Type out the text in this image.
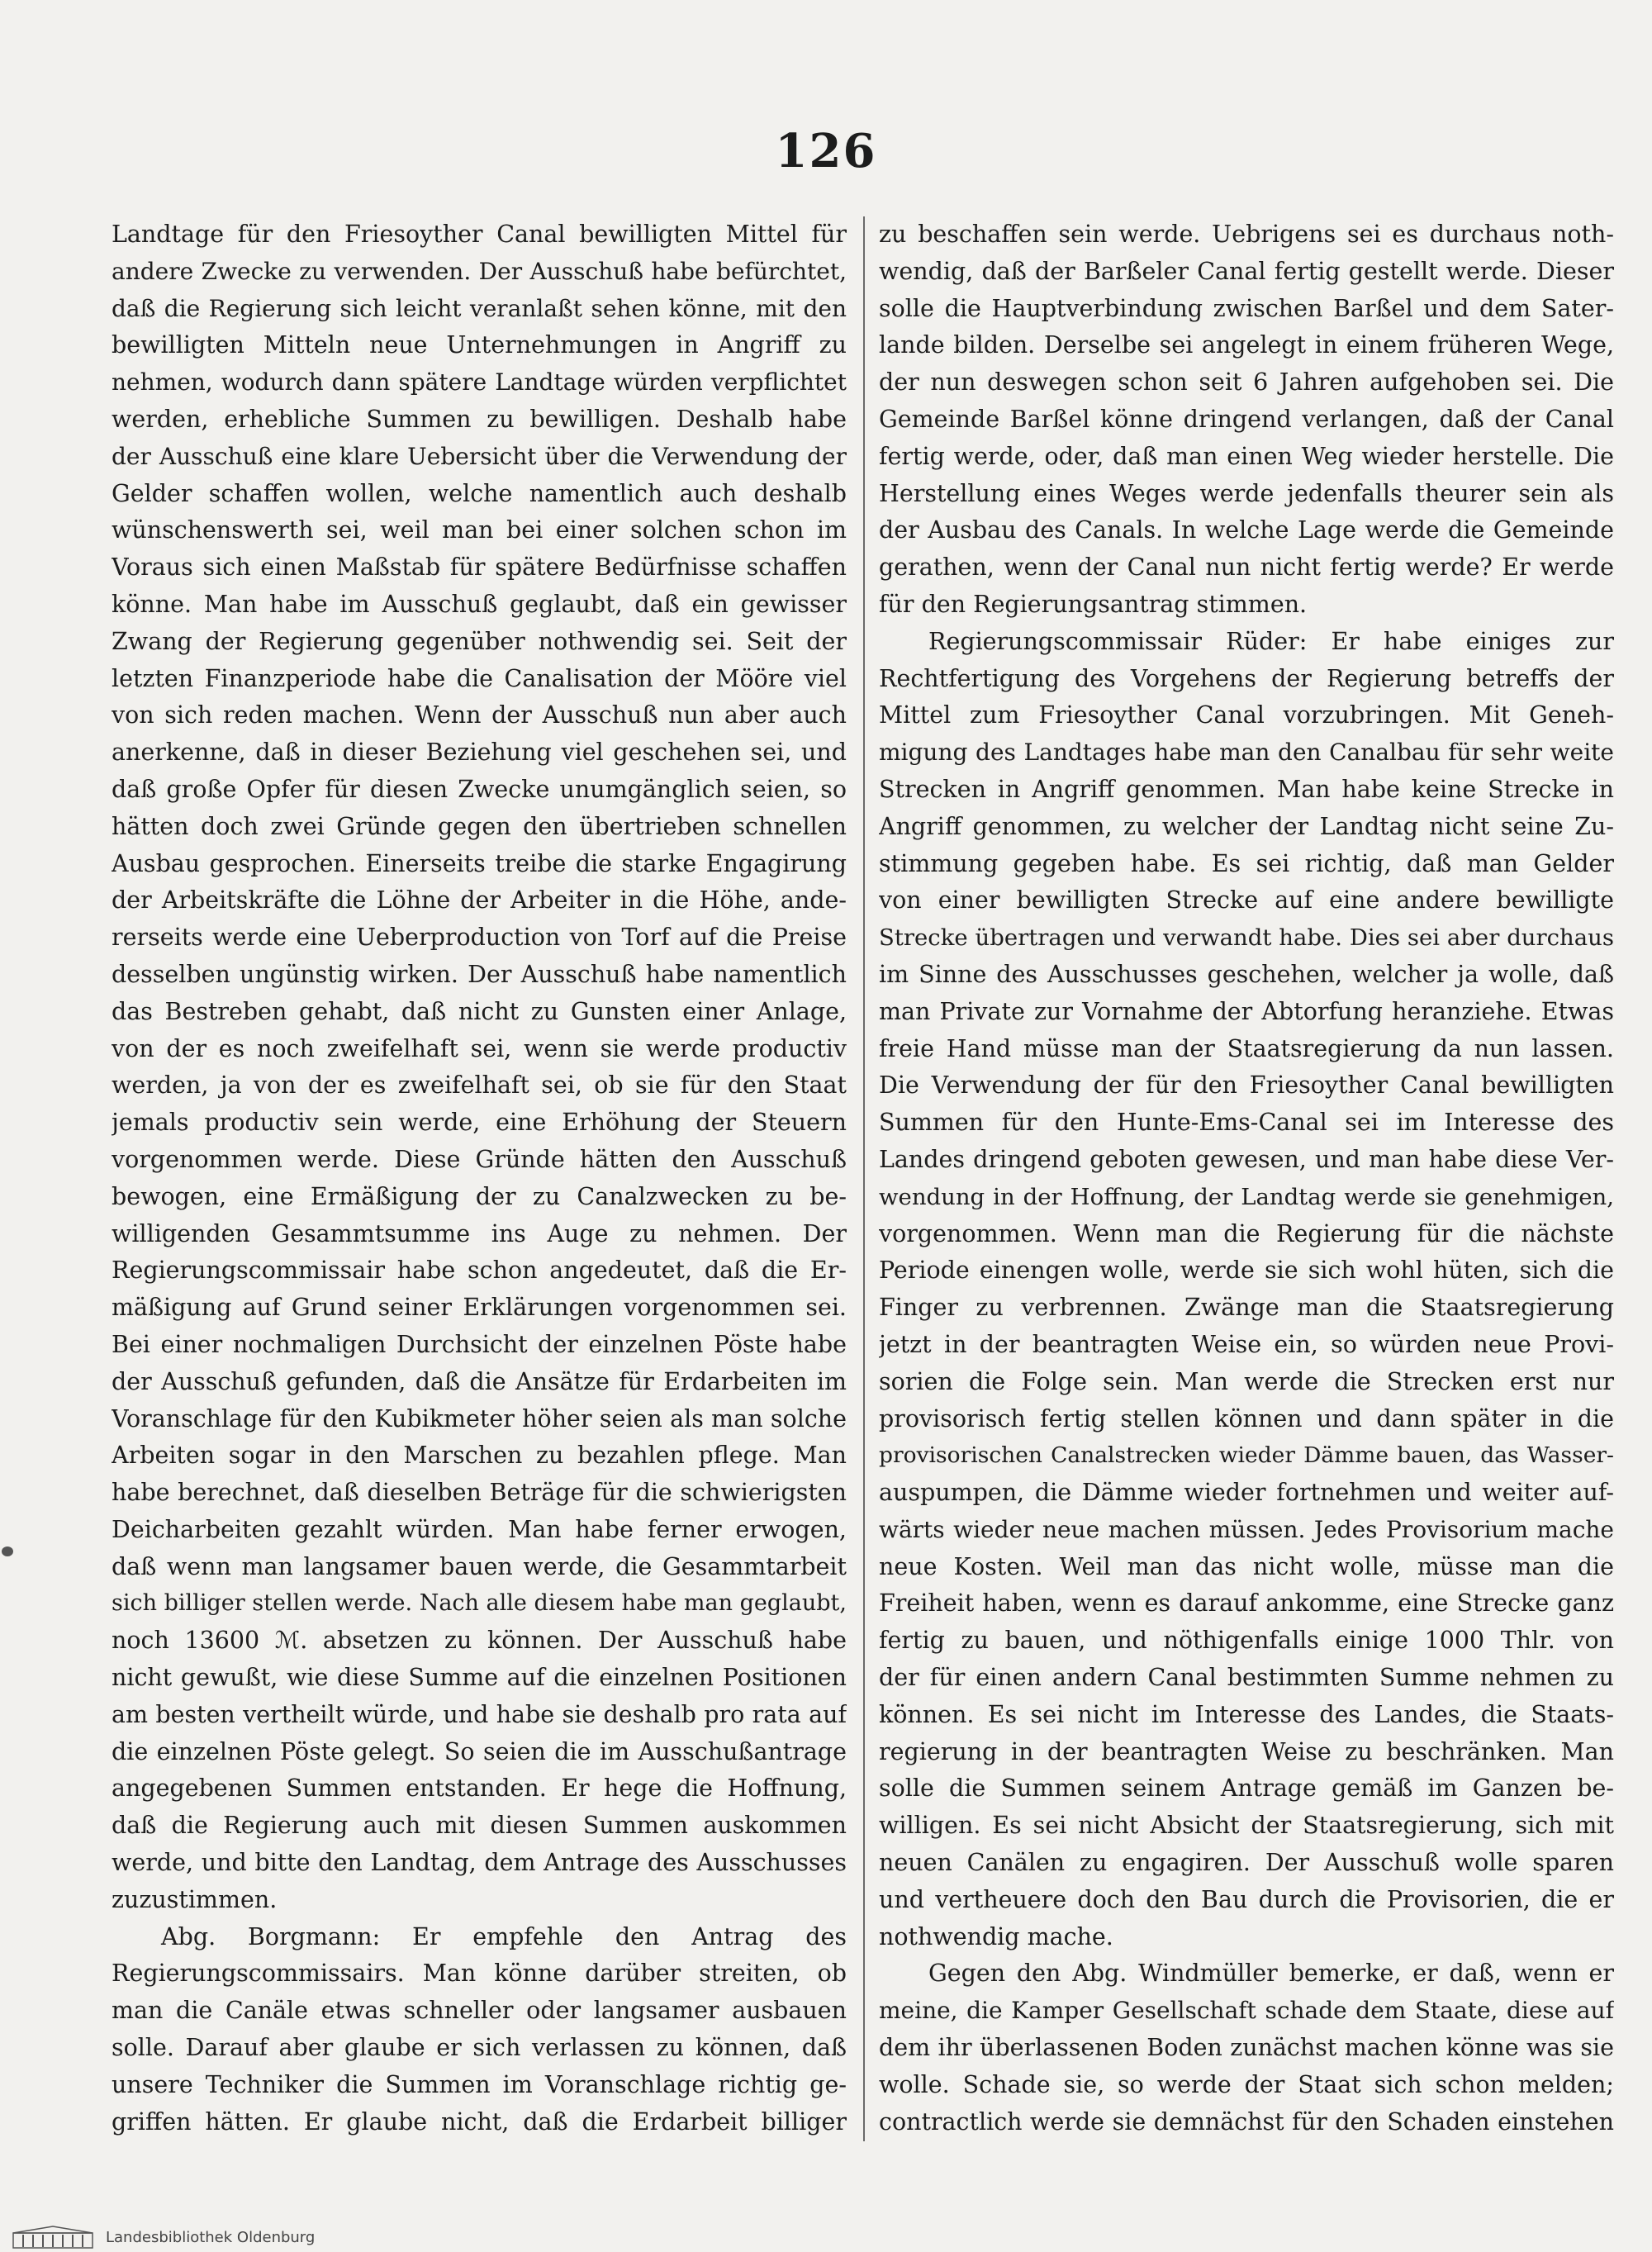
126
Landtage für den Friesoyther Canal bewilligten Mittel für
andere Zwecke zu verwenden. Der Ausschuß habe befürchtet,
daß die Regierung sich leicht veranlaßt sehen könne, mit den
bewilligten Mitteln neue Unternehmungen in Angriff zu
nehmen, wodurch dann spätere Landtage würden verpflichtet
werden, erhebliche Summen zu bewilligen. Deshalb habe
der Ausschuß eine klare Uebersicht über die Verwendung der
Gelder schaffen wollen, welche namentlich auch deshalb
wünschenswerth sei, weil man bei einer solchen schon im
Voraus sich einen Maßstab für spätere Bedürfnisse schaffen
könne. Man habe im Ausschuß geglaubt, daß ein gewisser
Zwang der Regierung gegenüber nothwendig sei. Seit der
letzten Finanzperiode habe die Canalisation der Mööre viel
von sich reden machen. Wenn der Ausschuß nun aber auch
anerkenne, daß in dieser Beziehung viel geschehen sei, und
daß große Opfer für diesen Zwecke unumgänglich seien, so
hätten doch zwei Gründe gegen den übertrieben schnellen
Ausbau gesprochen. Einerseits treibe die starke Engagirung
der Arbeitskräfte die Löhne der Arbeiter in die Höhe, ande-
rerseits werde eine Ueberproduction von Torf auf die Preise
desselben ungünstig wirken. Der Ausschuß habe namentlich
das Bestreben gehabt, daß nicht zu Gunsten einer Anlage,
von der es noch zweifelhaft sei, wenn sie werde productiv
werden, ja von der es zweifelhaft sei, ob sie für den Staat
jemals productiv sein werde, eine Erhöhung der Steuern
vorgenommen werde. Diese Gründe hätten den Ausschuß
bewogen, eine Ermäßigung der zu Canalzwecken zu be-
willigenden Gesammtsumme ins Auge zu nehmen. Der
Regierungscommissair habe schon angedeutet, daß die Er-
mäßigung auf Grund seiner Erklärungen vorgenommen sei.
Bei einer nochmaligen Durchsicht der einzelnen Pöste habe
der Ausschuß gefunden, daß die Ansätze für Erdarbeiten im
Voranschlage für den Kubikmeter höher seien als man solche
Arbeiten sogar in den Marschen zu bezahlen pflege. Man
habe berechnet, daß dieselben Beträge für die schwierigsten
Deicharbeiten gezahlt würden. Man habe ferner erwogen,
daß wenn man langsamer bauen werde, die Gesammtarbeit
sich billiger stellen werde. Nach alle diesem habe man geglaubt,
noch 13600 ℳ. absetzen zu können. Der Ausschuß habe
nicht gewußt, wie diese Summe auf die einzelnen Positionen
am besten vertheilt würde, und habe sie deshalb pro rata auf
die einzelnen Pöste gelegt. So seien die im Ausschußantrage
angegebenen Summen entstanden. Er hege die Hoffnung,
daß die Regierung auch mit diesen Summen auskommen
werde, und bitte den Landtag, dem Antrage des Ausschusses
zuzustimmen.
Abg. Borgmann: Er empfehle den Antrag des
Regierungscommissairs. Man könne darüber streiten, ob
man die Canäle etwas schneller oder langsamer ausbauen
solle. Darauf aber glaube er sich verlassen zu können, daß
unsere Techniker die Summen im Voranschlage richtig ge-
griffen hätten. Er glaube nicht, daß die Erdarbeit billiger
zu beschaffen sein werde. Uebrigens sei es durchaus noth-
wendig, daß der Barßeler Canal fertig gestellt werde. Dieser
solle die Hauptverbindung zwischen Barßel und dem Sater-
lande bilden. Derselbe sei angelegt in einem früheren Wege,
der nun deswegen schon seit 6 Jahren aufgehoben sei. Die
Gemeinde Barßel könne dringend verlangen, daß der Canal
fertig werde, oder, daß man einen Weg wieder herstelle. Die
Herstellung eines Weges werde jedenfalls theurer sein als
der Ausbau des Canals. In welche Lage werde die Gemeinde
gerathen, wenn der Canal nun nicht fertig werde? Er werde
für den Regierungsantrag stimmen.
Regierungscommissair Rüder: Er habe einiges zur
Rechtfertigung des Vorgehens der Regierung betreffs der
Mittel zum Friesoyther Canal vorzubringen. Mit Geneh-
migung des Landtages habe man den Canalbau für sehr weite
Strecken in Angriff genommen. Man habe keine Strecke in
Angriff genommen, zu welcher der Landtag nicht seine Zu-
stimmung gegeben habe. Es sei richtig, daß man Gelder
von einer bewilligten Strecke auf eine andere bewilligte
Strecke übertragen und verwandt habe. Dies sei aber durchaus
im Sinne des Ausschusses geschehen, welcher ja wolle, daß
man Private zur Vornahme der Abtorfung heranziehe. Etwas
freie Hand müsse man der Staatsregierung da nun lassen.
Die Verwendung der für den Friesoyther Canal bewilligten
Summen für den Hunte-Ems-Canal sei im Interesse des
Landes dringend geboten gewesen, und man habe diese Ver-
wendung in der Hoffnung, der Landtag werde sie genehmigen,
vorgenommen. Wenn man die Regierung für die nächste
Periode einengen wolle, werde sie sich wohl hüten, sich die
Finger zu verbrennen. Zwänge man die Staatsregierung
jetzt in der beantragten Weise ein, so würden neue Provi-
sorien die Folge sein. Man werde die Strecken erst nur
provisorisch fertig stellen können und dann später in die
provisorischen Canalstrecken wieder Dämme bauen, das Wasser-
auspumpen, die Dämme wieder fortnehmen und weiter auf-
wärts wieder neue machen müssen. Jedes Provisorium mache
neue Kosten. Weil man das nicht wolle, müsse man die
Freiheit haben, wenn es darauf ankomme, eine Strecke ganz
fertig zu bauen, und nöthigenfalls einige 1000 Thlr. von
der für einen andern Canal bestimmten Summe nehmen zu
können. Es sei nicht im Interesse des Landes, die Staats-
regierung in der beantragten Weise zu beschränken. Man
solle die Summen seinem Antrage gemäß im Ganzen be-
willigen. Es sei nicht Absicht der Staatsregierung, sich mit
neuen Canälen zu engagiren. Der Ausschuß wolle sparen
und vertheuere doch den Bau durch die Provisorien, die er
nothwendig mache.
Gegen den Abg. Windmüller bemerke, er daß, wenn er
meine, die Kamper Gesellschaft schade dem Staate, diese auf
dem ihr überlassenen Boden zunächst machen könne was sie
wolle. Schade sie, so werde der Staat sich schon melden;
contractlich werde sie demnächst für den Schaden einstehen
Landesbibliothek Oldenburg
